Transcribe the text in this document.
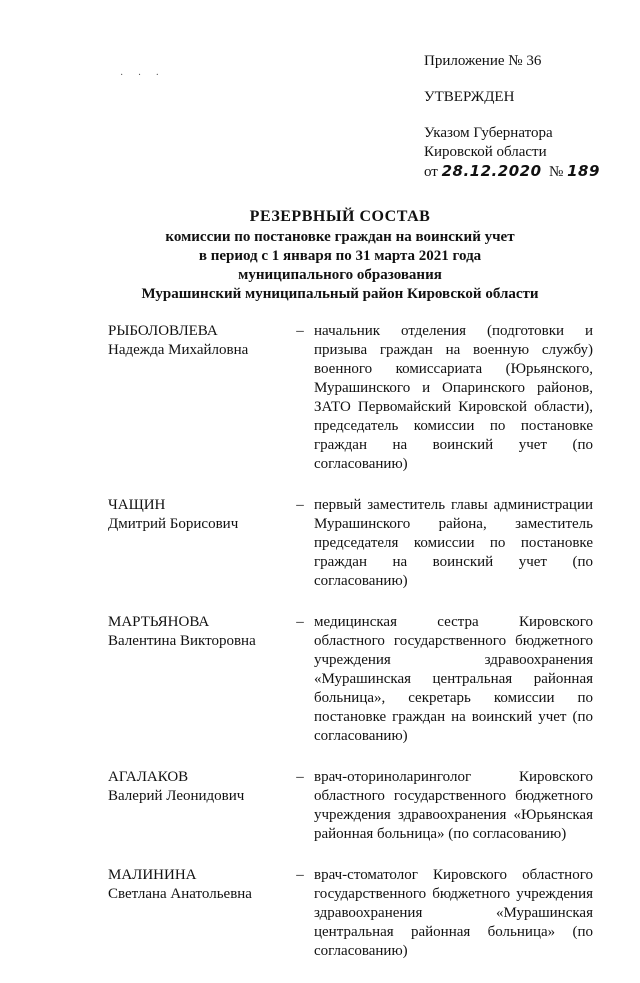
· · ·
Приложение № 36
УТВЕРЖДЕН
Указом Губернатора
Кировской области
от 28.12.2020 № 189
РЕЗЕРВНЫЙ СОСТАВ
комиссии по постановке граждан на воинский учет
в период с 1 января по 31 марта 2021 года
муниципального образования
Мурашинский муниципальный район Кировской области
РЫБОЛОВЛЕВА
Надежда Михайловна
– начальник отделения (подготовки и призыва граждан на военную службу) военного комиссариата (Юрьянского, Мурашинского и Опаринского районов, ЗАТО Первомайский Кировской области), председатель комиссии по постановке граждан на воинский учет (по согласованию)
ЧАЩИН
Дмитрий Борисович
– первый заместитель главы администрации Мурашинского района, заместитель председателя комиссии по постановке граждан на воинский учет (по согласованию)
МАРТЬЯНОВА
Валентина Викторовна
– медицинская сестра Кировского областного государственного бюджетного учреждения здравоохранения «Мурашинская центральная районная больница», секретарь комиссии по постановке граждан на воинский учет (по согласованию)
АГАЛАКОВ
Валерий Леонидович
– врач-оториноларинголог Кировского областного государственного бюджетного учреждения здравоохранения «Юрьянская районная больница» (по согласованию)
МАЛИНИНА
Светлана Анатольевна
– врач-стоматолог Кировского областного государственного бюджетного учреждения здравоохранения «Мурашинская центральная районная больница» (по согласованию)
